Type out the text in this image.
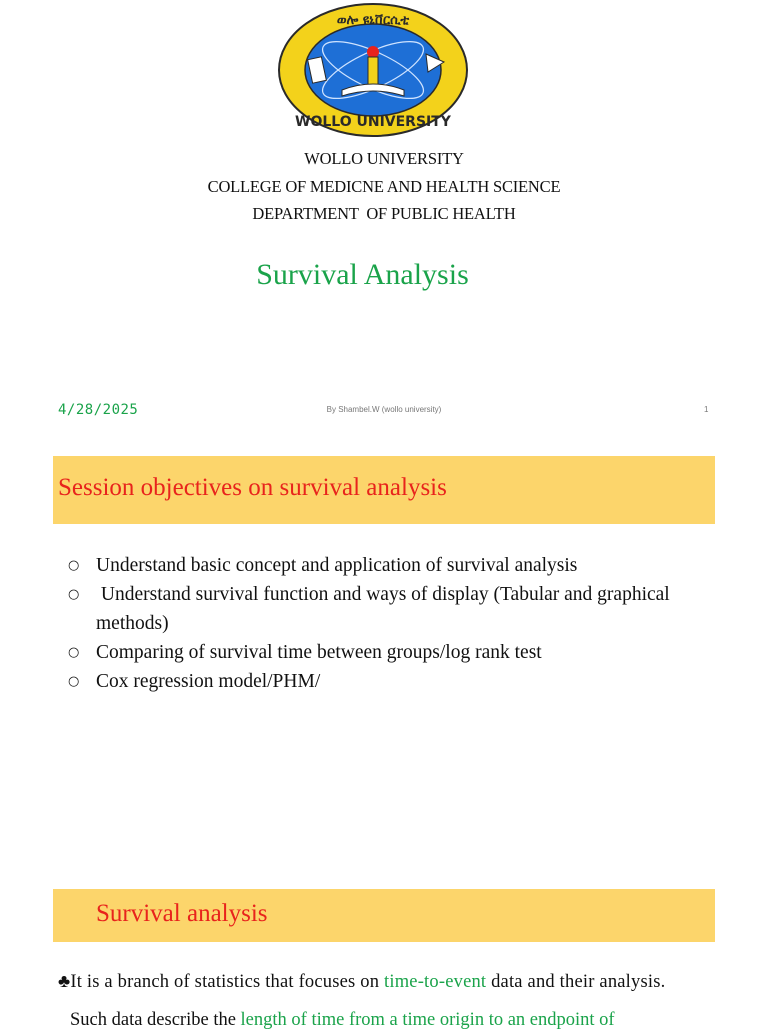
ወሎ ዩኒቨርሲቲ
WOLLO UNIVERSITY
WOLLO UNIVERSITY
COLLEGE OF MEDICNE AND HEALTH SCIENCE
DEPARTMENT  OF PUBLIC HEALTH
Survival Analysis
4/28/2025	By Shambel.W (wollo university)	1
Session objectives on survival analysis
○ Understand basic concept and application of survival analysis
○  Understand survival function and ways of display (Tabular and graphical methods)
○ Comparing of survival time between groups/log rank test
○ Cox regression model/PHM/
Survival analysis
♣It is a branch of statistics that focuses on time-to-event data and their analysis.
Such data describe the length of time from a time origin to an endpoint of
